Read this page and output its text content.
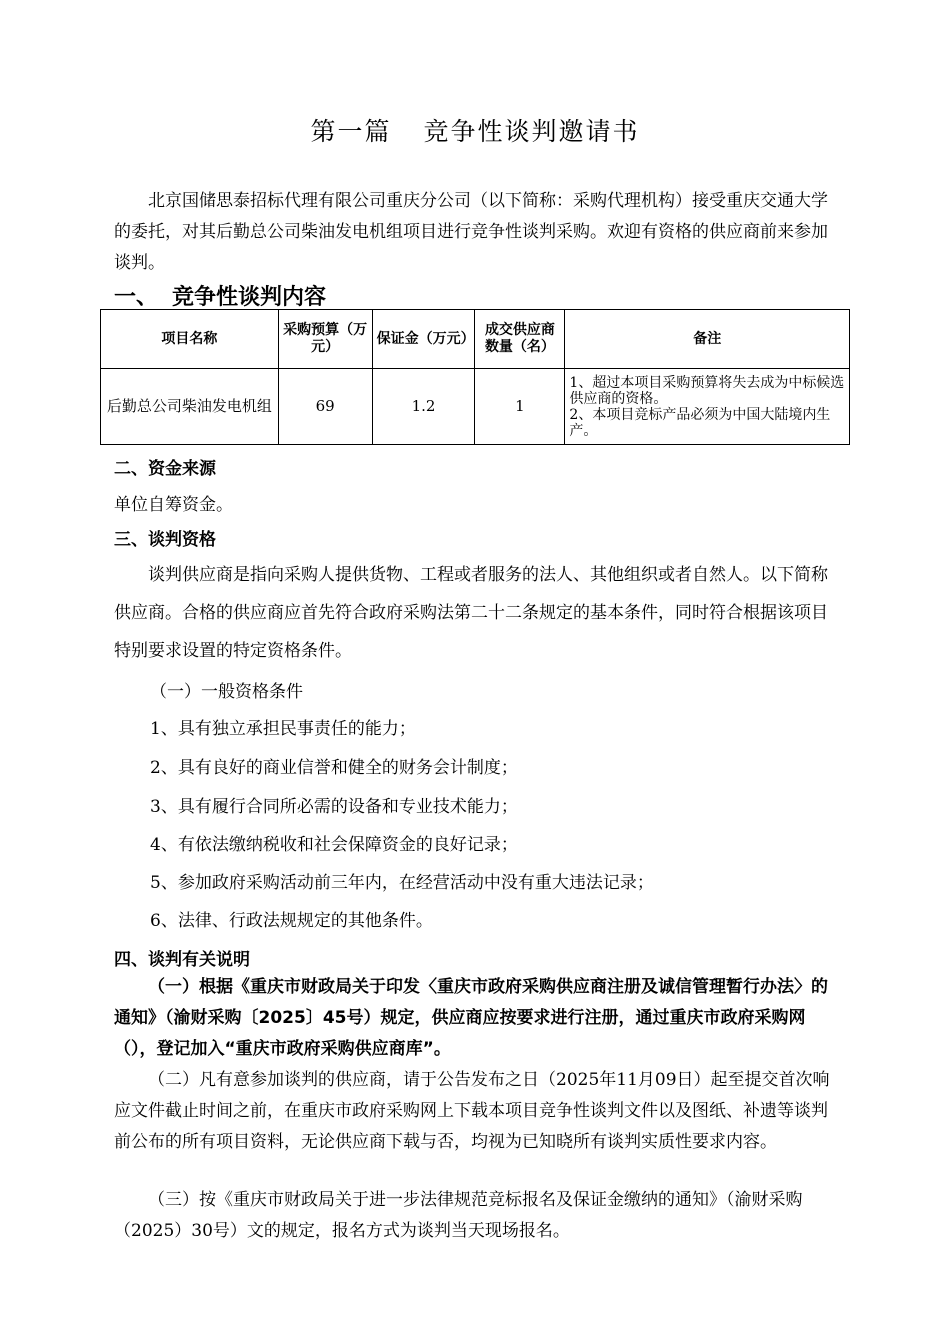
第一篇 竞争性谈判邀请书
北京国储思泰招标代理有限公司重庆分公司（以下简称：采购代理机构）接受重庆交通大学的委托，对其后勤总公司柴油发电机组项目进行竞争性谈判采购。欢迎有资格的供应商前来参加谈判。
一、 竞争性谈判内容
项目名称	采购预算（万元）	保证金（万元）	成交供应商数量（名）	备注
后勤总公司柴油发电机组	69	1.2	1	1、超过本项目采购预算将失去成为中标候选供应商的资格。
2、本项目竞标产品必须为中国大陆境内生产。
二、资金来源
单位自筹资金。
三、谈判资格
谈判供应商是指向采购人提供货物、工程或者服务的法人、其他组织或者自然人。以下简称供应商。合格的供应商应首先符合政府采购法第二十二条规定的基本条件，同时符合根据该项目特别要求设置的特定资格条件。
（一）一般资格条件
1、具有独立承担民事责任的能力；
2、具有良好的商业信誉和健全的财务会计制度；
3、具有履行合同所必需的设备和专业技术能力；
4、有依法缴纳税收和社会保障资金的良好记录；
5、参加政府采购活动前三年内，在经营活动中没有重大违法记录；
6、法律、行政法规规定的其他条件。
四、谈判有关说明
（一）根据《重庆市财政局关于印发〈重庆市政府采购供应商注册及诚信管理暂行办法〉的通知》（渝财采购〔2025〕45号）规定，供应商应按要求进行注册，通过重庆市政府采购网（），登记加入“重庆市政府采购供应商库”。
（二）凡有意参加谈判的供应商，请于公告发布之日（2025年11月09日）起至提交首次响应文件截止时间之前，在重庆市政府采购网上下载本项目竞争性谈判文件以及图纸、补遗等谈判前公布的所有项目资料，无论供应商下载与否，均视为已知晓所有谈判实质性要求内容。
（三）按《重庆市财政局关于进一步法律规范竞标报名及保证金缴纳的通知》（渝财采购（2025）30号）文的规定，报名方式为谈判当天现场报名。
